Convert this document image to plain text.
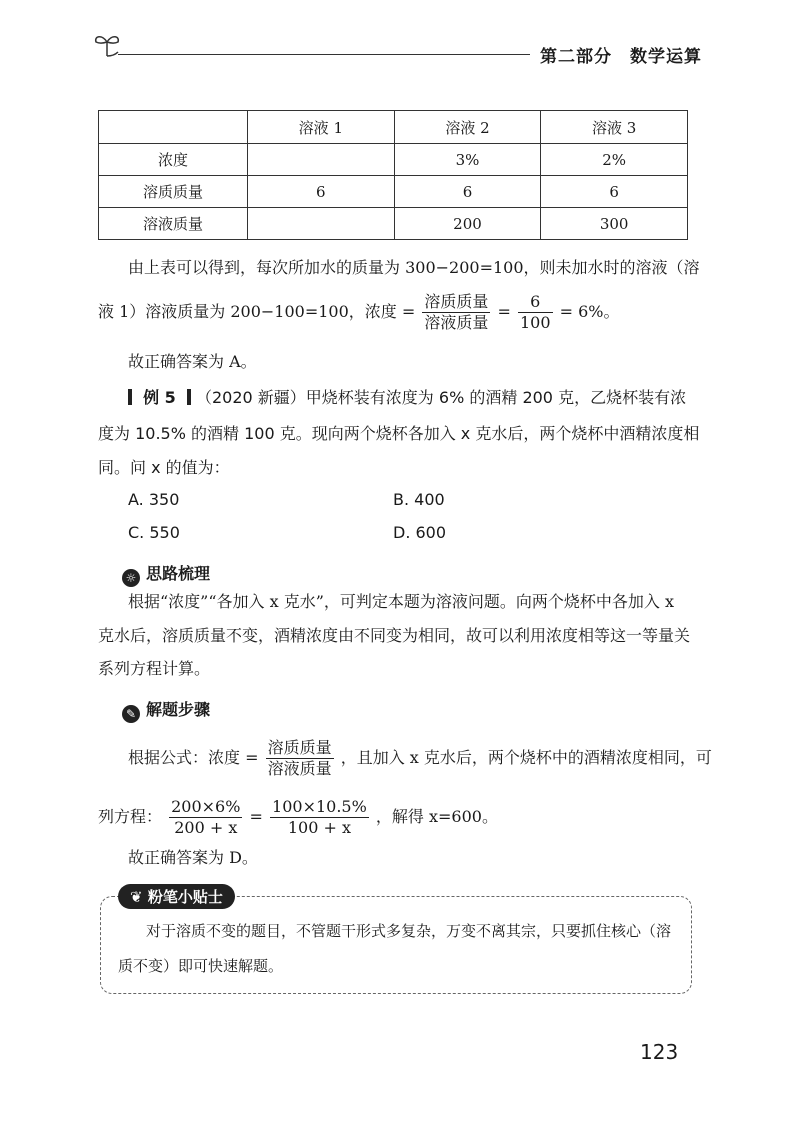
第二部分　数学运算
	溶液 1	溶液 2	溶液 3
浓度		3%	2%
溶质质量	6	6	6
溶液质量		200	300
由上表可以得到，每次所加水的质量为 300−200=100，则未加水时的溶液（溶
液 1）溶液质量为 200−100=100，浓度 = $\frac{\text{溶质质量}}{\text{溶液质量}} = \frac{6}{100} = 6\%$。
故正确答案为 A。
例 5 （2020 新疆）甲烧杯装有浓度为 6% 的酒精 200 克，乙烧杯装有浓
度为 10.5% 的酒精 100 克。现向两个烧杯各加入 x 克水后，两个烧杯中酒精浓度相
同。问 x 的值为：
A. 350	B. 400
C. 550	D. 600
☼ 思路梳理
根据“浓度”“各加入 x 克水”，可判定本题为溶液问题。向两个烧杯中各加入 x
克水后，溶质质量不变，酒精浓度由不同变为相同，故可以利用浓度相等这一等量关
系列方程计算。
✎ 解题步骤
根据公式：浓度 = $\frac{\text{溶质质量}}{\text{溶液质量}}$ ，且加入 x 克水后，两个烧杯中的酒精浓度相同，可
列方程： $\frac{200\times 6\%}{200 + x} = \frac{100\times 10.5\%}{100 + x}$ ，解得 x=600。
故正确答案为 D。
❦ 粉笔小贴士
对于溶质不变的题目，不管题干形式多复杂，万变不离其宗，只要抓住核心（溶
质不变）即可快速解题。
123
